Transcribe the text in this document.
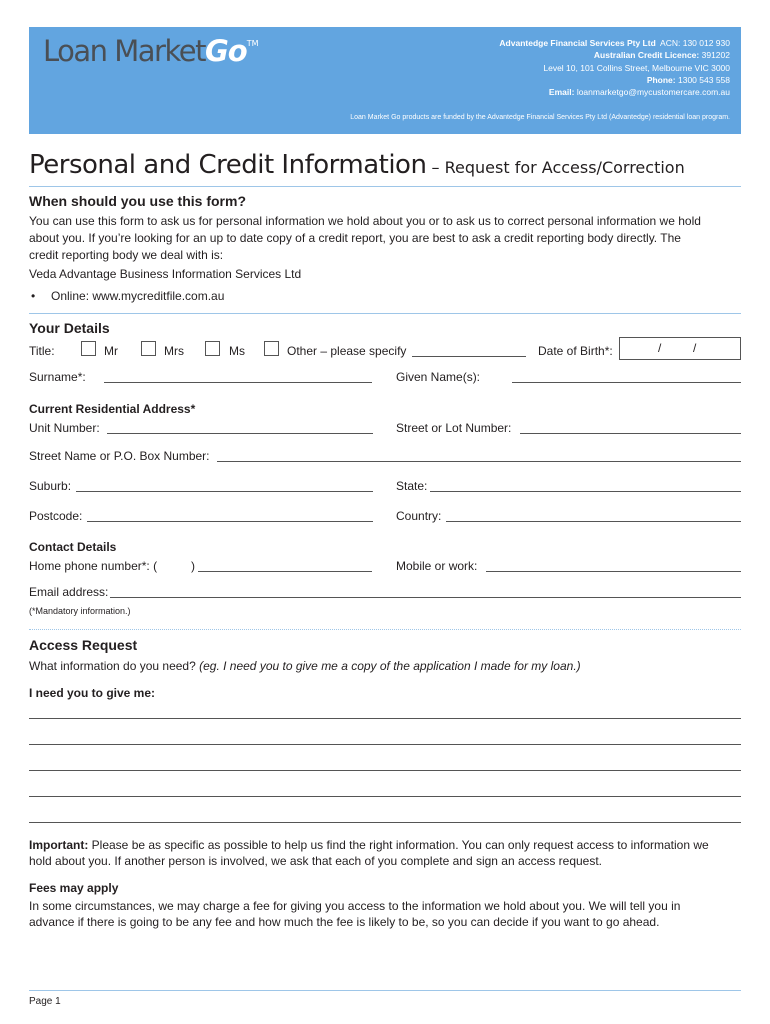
Loan MarketGo™	Advantedge Financial Services Pty Ltd ACN: 130 012 930
Australian Credit Licence: 391202
Level 10, 101 Collins Street, Melbourne VIC 3000
Phone: 1300 543 558
Email: loanmarketgo@mycustomercare.com.au
Loan Market Go products are funded by the Advantedge Financial Services Pty Ltd (Advantedge) residential loan program.
Personal and Credit Information – Request for Access/Correction
When should you use this form?
You can use this form to ask us for personal information we hold about you or to ask us to correct personal information we hold
about you. If you’re looking for an up to date copy of a credit report, you are best to ask a credit reporting body directly. The
credit reporting body we deal with is:
Veda Advantage Business Information Services Ltd
• Online: www.mycreditfile.com.au
Your Details
Title:	Mr	Mrs	Ms	Other – please specify	Date of Birth*:	/	/
Surname*:	Given Name(s):
Current Residential Address*
Unit Number:	Street or Lot Number:
Street Name or P.O. Box Number:
Suburb:	State:
Postcode:	Country:
Contact Details
Home phone number*: (	)	Mobile or work:
Email address:
(*Mandatory information.)
Access Request
What information do you need? (eg. I need you to give me a copy of the application I made for my loan.)
I need you to give me:
Important: Please be as specific as possible to help us find the right information. You can only request access to information we
hold about you. If another person is involved, we ask that each of you complete and sign an access request.
Fees may apply
In some circumstances, we may charge a fee for giving you access to the information we hold about you. We will tell you in
advance if there is going to be any fee and how much the fee is likely to be, so you can decide if you want to go ahead.
Page 1
